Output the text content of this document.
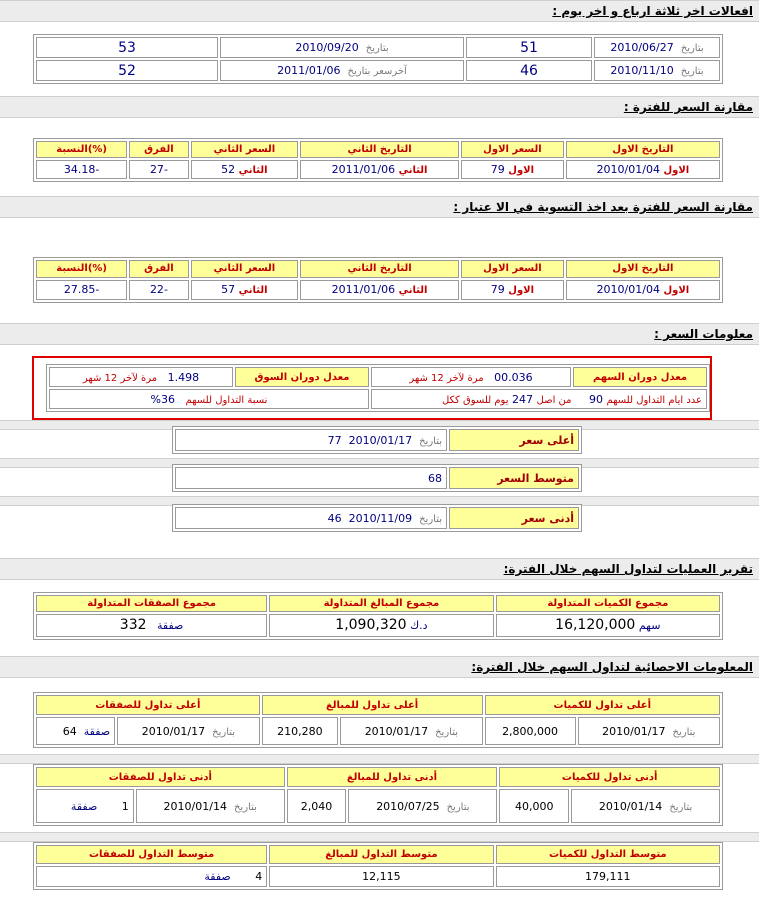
افعالات اخر ثلاثة ارباع و اخر يوم :
بتاريخ  2010/06/27	51	بتاريخ  2010/09/20	53
بتاريخ  2010/11/10	46	آخرسعر بتاريخ  2011/01/06	52
مقارنة السعر للفترة :
التاريخ الاول	السعر الاول	التاريخ الثاني	السعر الثاني	الفرق	(%)النسبة
الاول 2010/01/04	الاول 79	الثاني 2011/01/06	الثاني 52	-27	-34.18
مقارنة السعر للفترة بعد اخذ التسوية في الا عتبار :
التاريخ الاول	السعر الاول	التاريخ الثاني	السعر الثاني	الفرق	(%)النسبة
الاول 2010/01/04	الاول 79	الثاني 2011/01/06	الثاني 57	-22	-27.85
معلومات السعر :
معدل دوران السهم	00.036   مرة لآخر 12 شهر	معدل دوران السوق	1.498   مرة لآخر 12 شهر
عدد ايام التداول للسهم 90     من اصل 247 يوم للسوق ككل		نسبة التداول للسهم   36%	
أعلى سعر	بتاريخ  2010/01/17  77
متوسط السعر	68
أدنى سعر	بتاريخ  2010/11/09  46
تقرير العمليات لتداول السهم خلال الفترة:
مجموع الكميات المتداولة	مجموع المبالغ المتداولة	مجموع الصفقات المتداولة
سهم 16,120,000	د.ك 1,090,320	صفقة   332
المعلومات الاحصائية لتداول السهم خلال الفترة:
أعلى تداول للكميات		أعلى تداول للمبالغ		أعلى تداول للصفقات	
بتاريخ  2010/01/17	2,800,000	بتاريخ  2010/01/17	210,280	بتاريخ  2010/01/17	صفقة  64
أدنى تداول للكميات		أدنى تداول للمبالغ		أدنى تداول للصفقات	
بتاريخ  2010/01/14	40,000	بتاريخ  2010/07/25	2,040	بتاريخ  2010/01/14	1       صفقة
متوسط التداول للكميات	متوسط التداول للمبالغ	متوسط التداول للصفقات
179,111	12,115	4       صفقة
